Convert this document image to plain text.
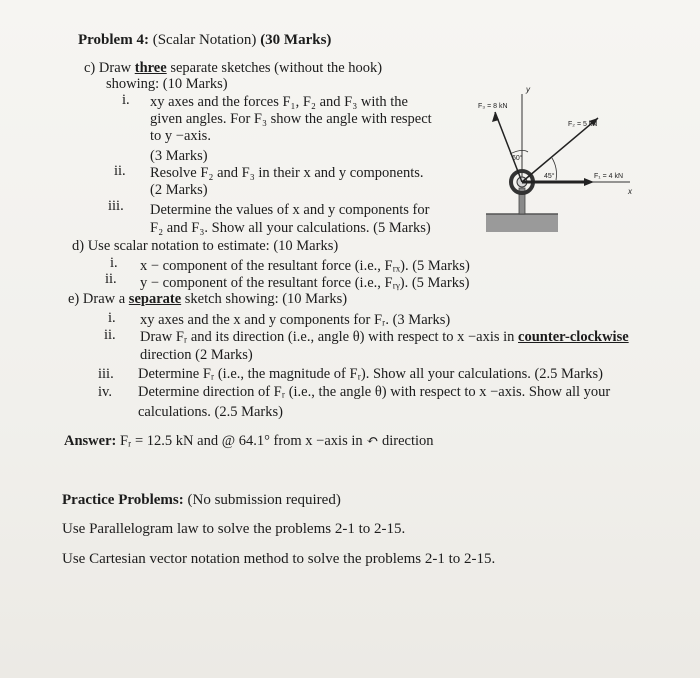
Problem 4: (Scalar Notation) (30 Marks)
c) Draw three separate sketches (without the hook)
showing: (10 Marks)
i. xy axes and the forces F₁, F₂ and F₃ with the
given angles. For F₃ show the angle with respect
to y −axis.
(3 Marks)
ii. Resolve F₂ and F₃ in their x and y components.
(2 Marks)
iii. Determine the values of x and y components for
F₂ and F₃. Show all your calculations. (5 Marks)
d) Use scalar notation to estimate: (10 Marks)
i. x − component of the resultant force (i.e., Fᵣₓ). (5 Marks)
ii. y − component of the resultant force (i.e., Fᵣᵧ). (5 Marks)
e) Draw a separate sketch showing: (10 Marks)
i. xy axes and the x and y components for Fᵣ. (3 Marks)
ii. Draw Fᵣ and its direction (i.e., angle θ) with respect to x −axis in counter-clockwise
direction (2 Marks)
iii. Determine Fᵣ (i.e., the magnitude of Fᵣ). Show all your calculations. (2.5 Marks)
iv. Determine direction of Fᵣ (i.e., the angle θ) with respect to x −axis. Show all your
calculations. (2.5 Marks)
Answer: Fᵣ = 12.5 kN and @ 64.1° from x −axis in ↶ direction
Practice Problems: (No submission required)
Use Parallelogram law to solve the problems 2-1 to 2-15.
Use Cartesian vector notation method to solve the problems 2-1 to 2-15.
F₃ = 8 kN
F₂ = 5 kN
F₁ = 4 kN
60°
45°
x
y
